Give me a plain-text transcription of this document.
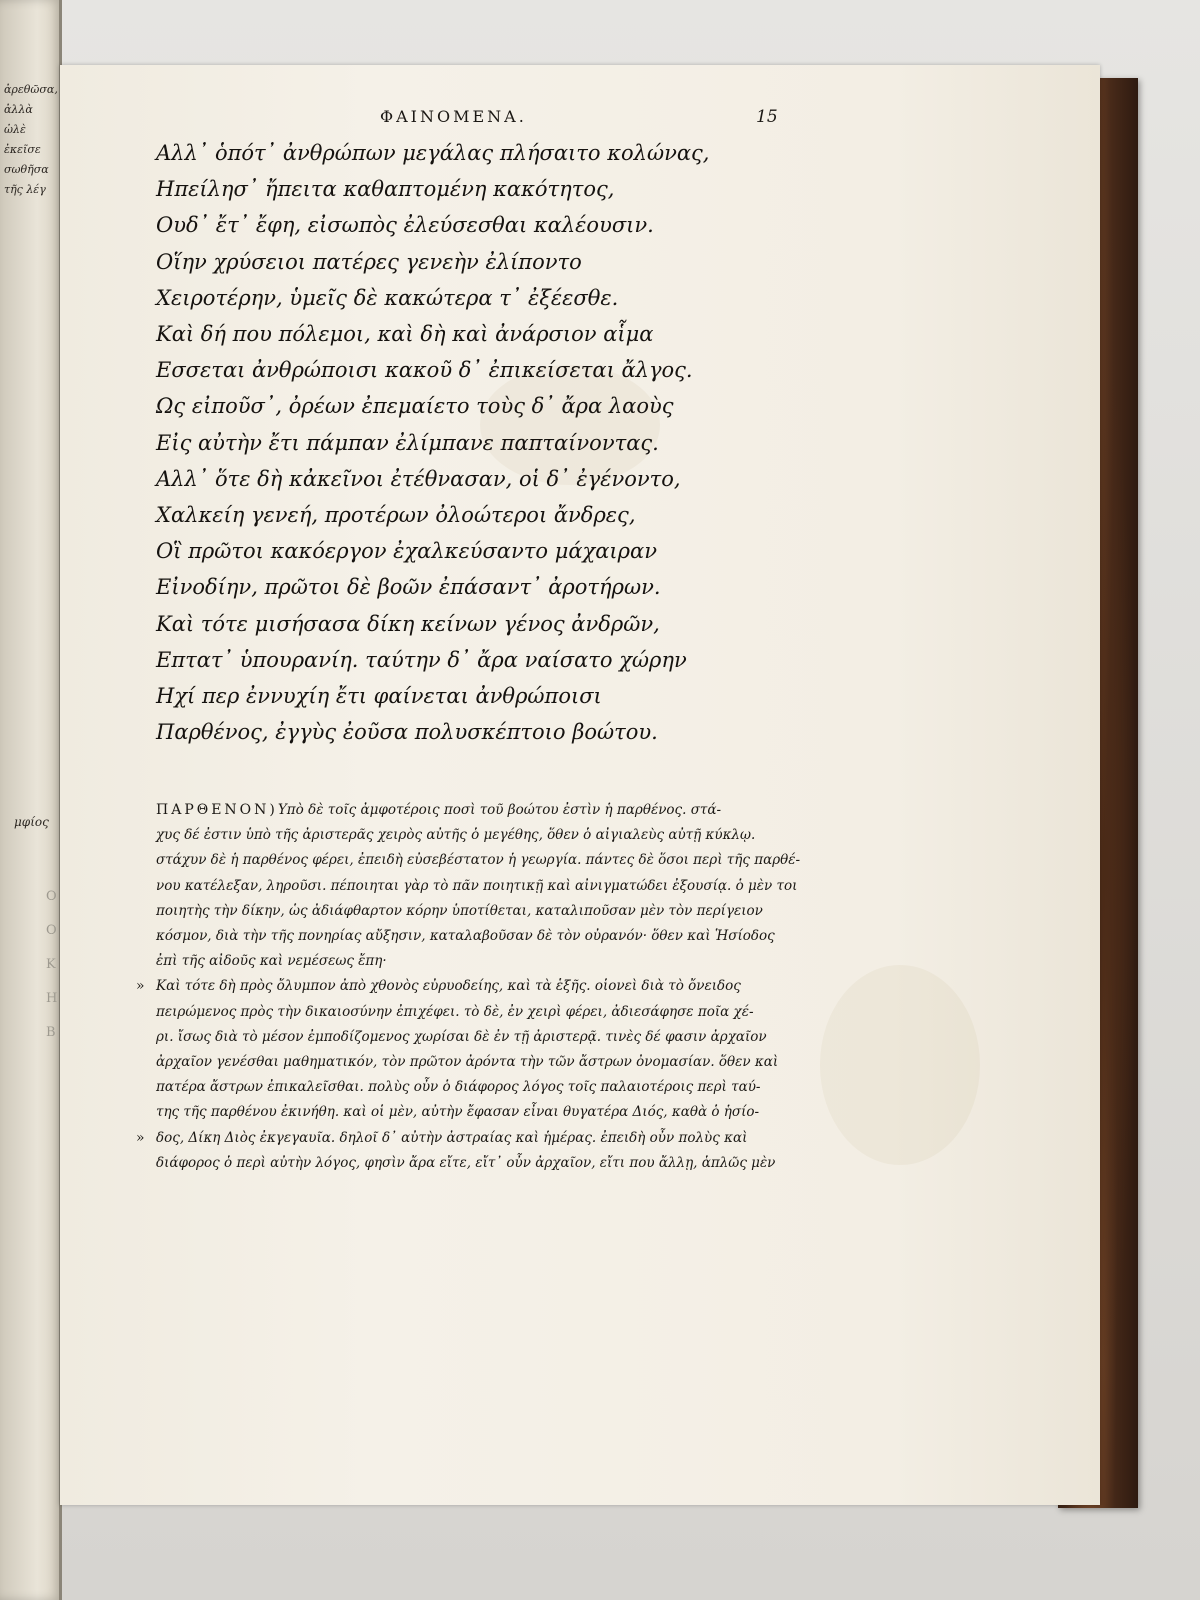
ἀρεθῶσα,
ἀλλὰ
ὠλὲ
ἐκεῖσε
σωθῆσα
τῆς λέγ
μφίος
Ο
Ο
Κ
Η
Β
ΦΑΙΝΟΜΕΝΑ.	15
Αλλ᾽ ὁπότ᾽ ἀνθρώπων μεγάλας πλήσαιτο κολώνας,
Ηπείλησ᾽ ἤπειτα καθαπτομένη κακότητος,
Ουδ᾽ ἔτ᾽ ἔφη, εἰσωπὸς ἐλεύσεσθαι καλέουσιν.
Οἵην χρύσειοι πατέρες γενεὴν ἐλίποντο
Χειροτέρην, ὑμεῖς δὲ κακώτερα τ᾽ ἐξέεσθε.
Καὶ δή που πόλεμοι, καὶ δὴ καὶ ἀνάρσιον αἷμα
Εσσεται ἀνθρώποισι κακοῦ δ᾽ ἐπικείσεται ἄλγος.
Ως εἰποῦσ᾽, ὀρέων ἐπεμαίετο τοὺς δ᾽ ἄρα λαοὺς
Εἰς αὐτὴν ἔτι πάμπαν ἐλίμπανε παπταίνοντας.
Αλλ᾽ ὅτε δὴ κἀκεῖνοι ἐτέθνασαν, οἱ δ᾽ ἐγένοντο,
Χαλκείη γενεή, προτέρων ὀλοώτεροι ἄνδρες,
Οἳ πρῶτοι κακόεργον ἐχαλκεύσαντο μάχαιραν
Εἰνοδίην, πρῶτοι δὲ βοῶν ἐπάσαντ᾽ ἀροτήρων.
Καὶ τότε μισήσασα δίκη κείνων γένος ἀνδρῶν,
Επτατ᾽ ὑπουρανίη. ταύτην δ᾽ ἄρα ναίσατο χώρην
Ηχί περ ἐννυχίη ἔτι φαίνεται ἀνθρώποισι
Παρθένος, ἐγγὺς ἐοῦσα πολυσκέπτοιο βοώτου.
ΠΑΡΘΕΝΟΝ)Υπὸ δὲ τοῖς ἀμφοτέροις ποσὶ τοῦ βοώτου ἐστὶν ἡ παρθένος. στά-
χυς δέ ἐστιν ὑπὸ τῆς ἀριστερᾶς χειρὸς αὐτῆς ὁ μεγέθης, ὅθεν ὁ αἰγιαλεὺς αὐτῇ κύκλῳ.
στάχυν δὲ ἡ παρθένος φέρει, ἐπειδὴ εὐσεβέστατον ἡ γεωργία. πάντες δὲ ὅσοι περὶ τῆς παρθέ-
νου κατέλεξαν, ληροῦσι. πέποιηται γὰρ τὸ πᾶν ποιητικῇ καὶ αἰνιγματώδει ἐξουσίᾳ. ὁ μὲν τοι
ποιητὴς τὴν δίκην, ὡς ἀδιάφθαρτον κόρην ὑποτίθεται, καταλιποῦσαν μὲν τὸν περίγειον
κόσμον, διὰ τὴν τῆς πονηρίας αὔξησιν, καταλαβοῦσαν δὲ τὸν οὐρανόν· ὅθεν καὶ Ἡσίοδος
ἐπὶ τῆς αἰδοῦς καὶ νεμέσεως ἔπη·
» Καὶ τότε δὴ πρὸς ὄλυμπον ἀπὸ χθονὸς εὐρυοδείης, καὶ τὰ ἑξῆς. οἱονεὶ διὰ τὸ ὄνειδος
πειρώμενος πρὸς τὴν δικαιοσύνην ἐπιχέφει. τὸ δὲ, ἐν χειρὶ φέρει, ἀδιεσάφησε ποῖα χέ-
ρι. ἴσως διὰ τὸ μέσον ἐμποδίζομενος χωρίσαι δὲ ἐν τῇ ἀριστερᾷ. τινὲς δέ φασιν ἀρχαῖον
ἀρχαῖον γενέσθαι μαθηματικόν, τὸν πρῶτον ἀρόντα τὴν τῶν ἄστρων ὀνομασίαν. ὅθεν καὶ
πατέρα ἄστρων ἐπικαλεῖσθαι. πολὺς οὖν ὁ διάφορος λόγος τοῖς παλαιοτέροις περὶ ταύ-
της τῆς παρθένου ἐκινήθη. καὶ οἱ μὲν, αὐτὴν ἔφασαν εἶναι θυγατέρα Διός, καθὰ ὁ ἡσίο-
» δος, Δίκη Διὸς ἐκγεγαυῖα. δηλοῖ δ᾽ αὐτὴν ἀστραίας καὶ ἡμέρας. ἐπειδὴ οὖν πολὺς καὶ
διάφορος ὁ περὶ αὐτὴν λόγος, φησὶν ἄρα εἴτε, εἴτ᾽ οὖν ἀρχαῖον, εἴτι που ἄλλῃ, ἁπλῶς μὲν
